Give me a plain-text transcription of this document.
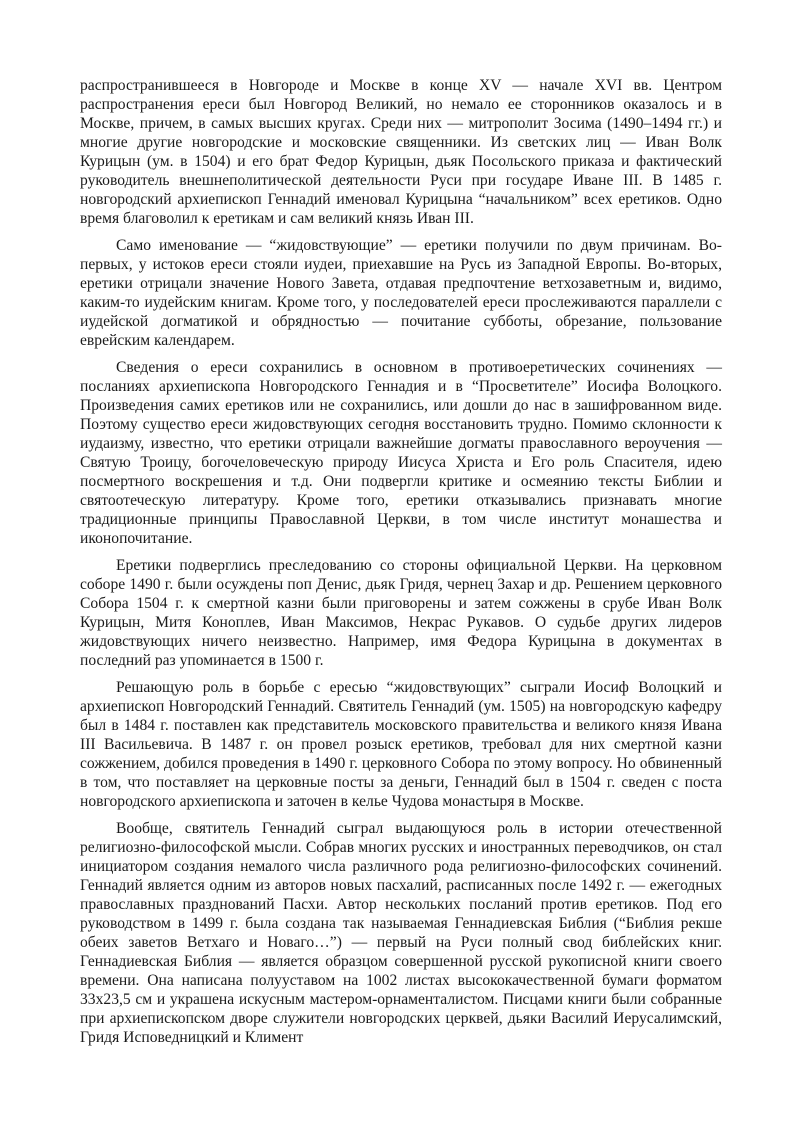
распространившееся в Новгороде и Москве в конце XV — начале XVI вв. Центром распространения ереси был Новгород Великий, но немало ее сторонников оказалось и в Москве, причем, в самых высших кругах. Среди них — митрополит Зосима (1490–1494 гг.) и многие другие новгородские и московские священники. Из светских лиц — Иван Волк Курицын (ум. в 1504) и его брат Федор Курицын, дьяк Посольского приказа и фактический руководитель внешнеполитической деятельности Руси при государе Иване III. В 1485 г. новгородский архиепископ Геннадий именовал Курицына “начальником” всех еретиков. Одно время благоволил к еретикам и сам великий князь Иван III.

Само именование — “жидовствующие” — еретики получили по двум причинам. Во-первых, у истоков ереси стояли иудеи, приехавшие на Русь из Западной Европы. Во-вторых, еретики отрицали значение Нового Завета, отдавая предпочтение ветхозаветным и, видимо, каким-то иудейским книгам. Кроме того, у последователей ереси прослеживаются параллели с иудейской догматикой и обрядностью — почитание субботы, обрезание, пользование еврейским календарем.

Сведения о ереси сохранились в основном в противоеретических сочинениях — посланиях архиепископа Новгородского Геннадия и в “Просветителе” Иосифа Волоцкого. Произведения самих еретиков или не сохранились, или дошли до нас в зашифрованном виде. Поэтому существо ереси жидовствующих сегодня восстановить трудно. Помимо склонности к иудаизму, известно, что еретики отрицали важнейшие догматы православного вероучения — Святую Троицу, богочеловеческую природу Иисуса Христа и Его роль Спасителя, идею посмертного воскрешения и т.д. Они подвергли критике и осмеянию тексты Библии и святоотеческую литературу. Кроме того, еретики отказывались признавать многие традиционные принципы Православной Церкви, в том числе институт монашества и иконопочитание.

Еретики подверглись преследованию со стороны официальной Церкви. На церковном соборе 1490 г. были осуждены поп Денис, дьяк Гридя, чернец Захар и др. Решением церковного Собора 1504 г. к смертной казни были приговорены и затем сожжены в срубе Иван Волк Курицын, Митя Коноплев, Иван Максимов, Некрас Рукавов. О судьбе других лидеров жидовствующих ничего неизвестно. Например, имя Федора Курицына в документах в последний раз упоминается в 1500 г.

Решающую роль в борьбе с ересью “жидовствующих” сыграли Иосиф Волоцкий и архиепископ Новгородский Геннадий. Святитель Геннадий (ум. 1505) на новгородскую кафедру был в 1484 г. поставлен как представитель московского правительства и великого князя Ивана III Васильевича. В 1487 г. он провел розыск еретиков, требовал для них смертной казни сожжением, добился проведения в 1490 г. церковного Собора по этому вопросу. Но обвиненный в том, что поставляет на церковные посты за деньги, Геннадий был в 1504 г. сведен с поста новгородского архиепископа и заточен в келье Чудова монастыря в Москве.

Вообще, святитель Геннадий сыграл выдающуюся роль в истории отечественной религиозно-философской мысли. Собрав многих русских и иностранных переводчиков, он стал инициатором создания немалого числа различного рода религиозно-философских сочинений. Геннадий является одним из авторов новых пасхалий, расписанных после 1492 г. — ежегодных православных празднований Пасхи. Автор нескольких посланий против еретиков. Под его руководством в 1499 г. была создана так называемая Геннадиевская Библия (“Библия рекше обеих заветов Ветхаго и Новаго…”) — первый на Руси полный свод библейских книг. Геннадиевская Библия — является образцом совершенной русской рукописной книги своего времени. Она написана полууставом на 1002 листах высококачественной бумаги форматом 33х23,5 см и украшена искусным мастером-орнаменталистом. Писцами книги были собранные при архиепископском дворе служители новгородских церквей, дьяки Василий Иерусалимский, Гридя Исповедницкий и Климент
